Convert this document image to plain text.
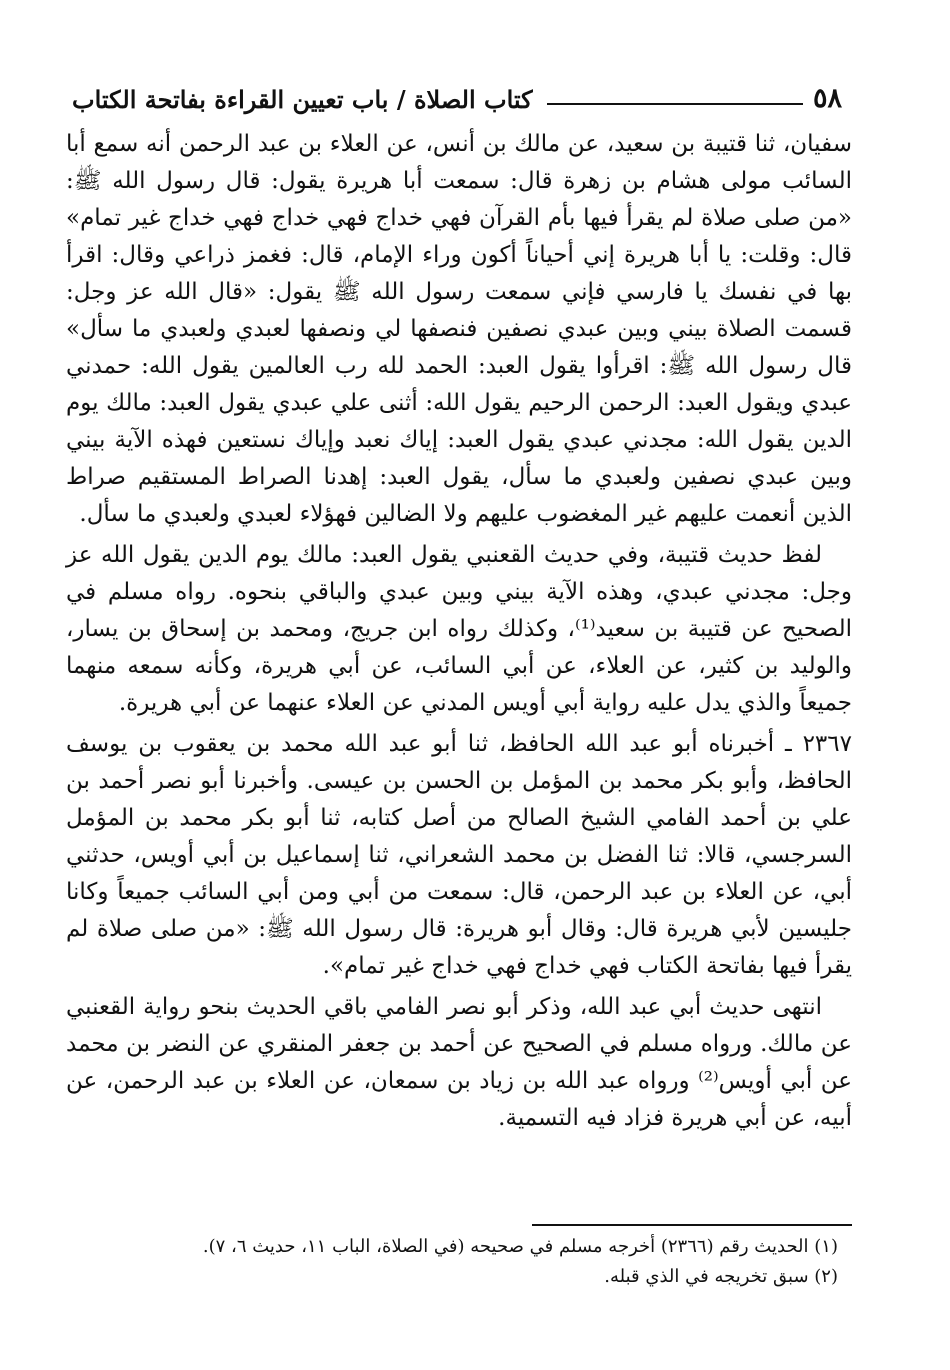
٥٨
كتاب الصلاة / باب تعيين القراءة بفاتحة الكتاب

سفيان، ثنا قتيبة بن سعيد، عن مالك بن أنس، عن العلاء بن عبد الرحمن أنه سمع أبا السائب مولى هشام بن زهرة قال: سمعت أبا هريرة يقول: قال رسول الله ﷺ: «من صلى صلاة لم يقرأ فيها بأم القرآن فهي خداج فهي خداج فهي خداج غير تمام» قال: وقلت: يا أبا هريرة إني أحياناً أكون وراء الإمام، قال: فغمز ذراعي وقال: اقرأ بها في نفسك يا فارسي فإني سمعت رسول الله ﷺ يقول: «قال الله عز وجل: قسمت الصلاة بيني وبين عبدي نصفين فنصفها لي ونصفها لعبدي ولعبدي ما سأل» قال رسول الله ﷺ: اقرأوا يقول العبد: الحمد لله رب العالمين يقول الله: حمدني عبدي ويقول العبد: الرحمن الرحيم يقول الله: أثنى علي عبدي يقول العبد: مالك يوم الدين يقول الله: مجدني عبدي يقول العبد: إياك نعبد وإياك نستعين فهذه الآية بيني وبين عبدي نصفين ولعبدي ما سأل، يقول العبد: إهدنا الصراط المستقيم صراط الذين أنعمت عليهم غير المغضوب عليهم ولا الضالين فهؤلاء لعبدي ولعبدي ما سأل.

لفظ حديث قتيبة، وفي حديث القعنبي يقول العبد: مالك يوم الدين يقول الله عز وجل: مجدني عبدي، وهذه الآية بيني وبين عبدي والباقي بنحوه. رواه مسلم في الصحيح عن قتيبة بن سعيد⁽¹⁾، وكذلك رواه ابن جريج، ومحمد بن إسحاق بن يسار، والوليد بن كثير، عن العلاء، عن أبي السائب، عن أبي هريرة، وكأنه سمعه منهما جميعاً والذي يدل عليه رواية أبي أويس المدني عن العلاء عنهما عن أبي هريرة.

٢٣٦٧ ـ أخبرناه أبو عبد الله الحافظ، ثنا أبو عبد الله محمد بن يعقوب بن يوسف الحافظ، وأبو بكر محمد بن المؤمل بن الحسن بن عيسى. وأخبرنا أبو نصر أحمد بن علي بن أحمد الفامي الشيخ الصالح من أصل كتابه، ثنا أبو بكر محمد بن المؤمل السرجسي، قالا: ثنا الفضل بن محمد الشعراني، ثنا إسماعيل بن أبي أويس، حدثني أبي، عن العلاء بن عبد الرحمن، قال: سمعت من أبي ومن أبي السائب جميعاً وكانا جليسين لأبي هريرة قال: وقال أبو هريرة: قال رسول الله ﷺ: «من صلى صلاة لم يقرأ فيها بفاتحة الكتاب فهي خداج فهي خداج غير تمام».

انتهى حديث أبي عبد الله، وذكر أبو نصر الفامي باقي الحديث بنحو رواية القعنبي عن مالك. ورواه مسلم في الصحيح عن أحمد بن جعفر المنقري عن النضر بن محمد عن أبي أويس⁽²⁾ ورواه عبد الله بن زياد بن سمعان، عن العلاء بن عبد الرحمن، عن أبيه، عن أبي هريرة فزاد فيه التسمية.

(١) الحديث رقم (٢٣٦٦) أخرجه مسلم في صحيحه (في الصلاة، الباب ١١، حديث ٦، ٧).

(٢) سبق تخريجه في الذي قبله.
